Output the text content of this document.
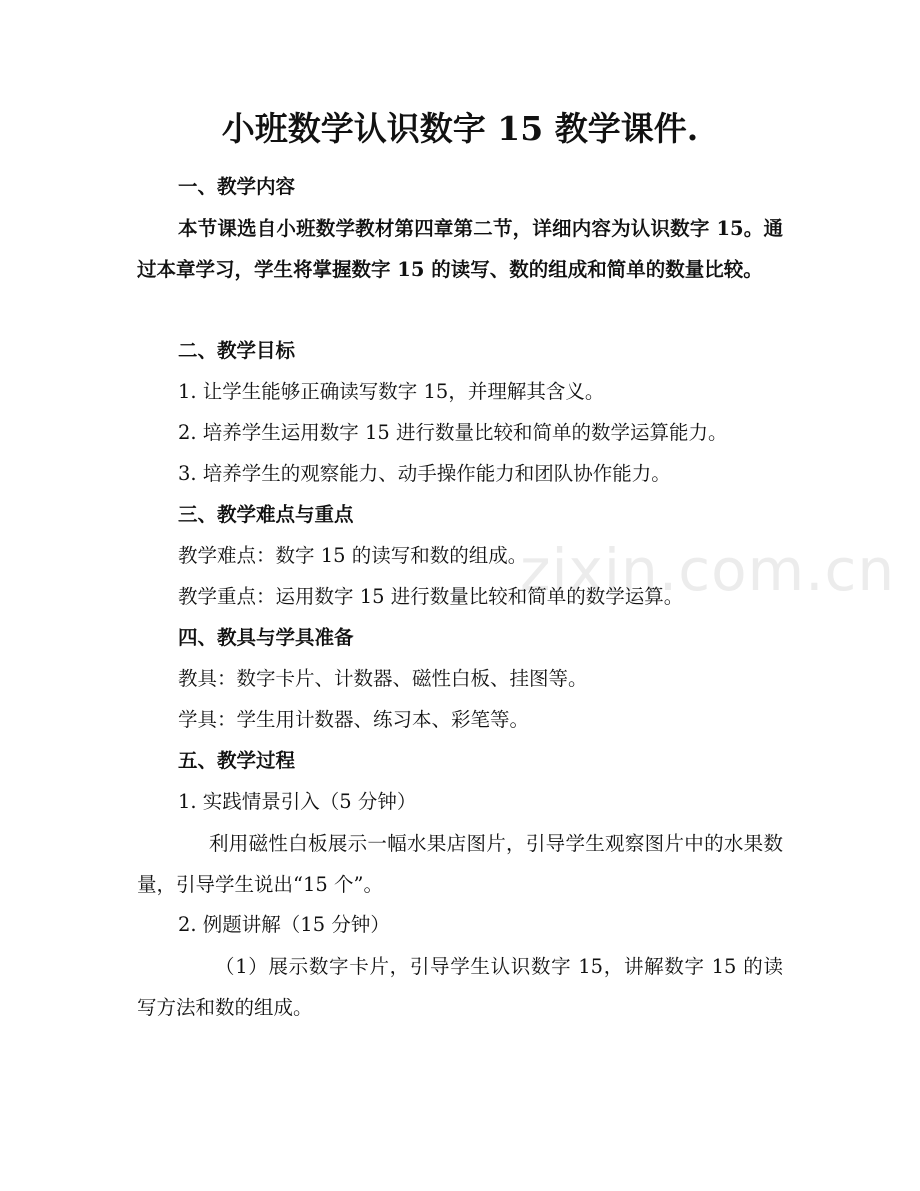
zixin.com.cn
小班数学认识数字 15 教学课件.
一、教学内容

本节课选自小班数学教材第四章第二节，详细内容为认识数字 15。通过本章学习，学生将掌握数字 15 的读写、数的组成和简单的数量比较。

二、教学目标
1. 让学生能够正确读写数字 15，并理解其含义。
2. 培养学生运用数字 15 进行数量比较和简单的数学运算能力。
3. 培养学生的观察能力、动手操作能力和团队协作能力。
三、教学难点与重点
教学难点：数字 15 的读写和数的组成。
教学重点：运用数字 15 进行数量比较和简单的数学运算。
四、教具与学具准备
教具：数字卡片、计数器、磁性白板、挂图等。
学具：学生用计数器、练习本、彩笔等。
五、教学过程
1. 实践情景引入（5 分钟）

利用磁性白板展示一幅水果店图片，引导学生观察图片中的水果数量，引导学生说出“15 个”。

2. 例题讲解（15 分钟）

（1）展示数字卡片，引导学生认识数字 15，讲解数字 15 的读写方法和数的组成。
